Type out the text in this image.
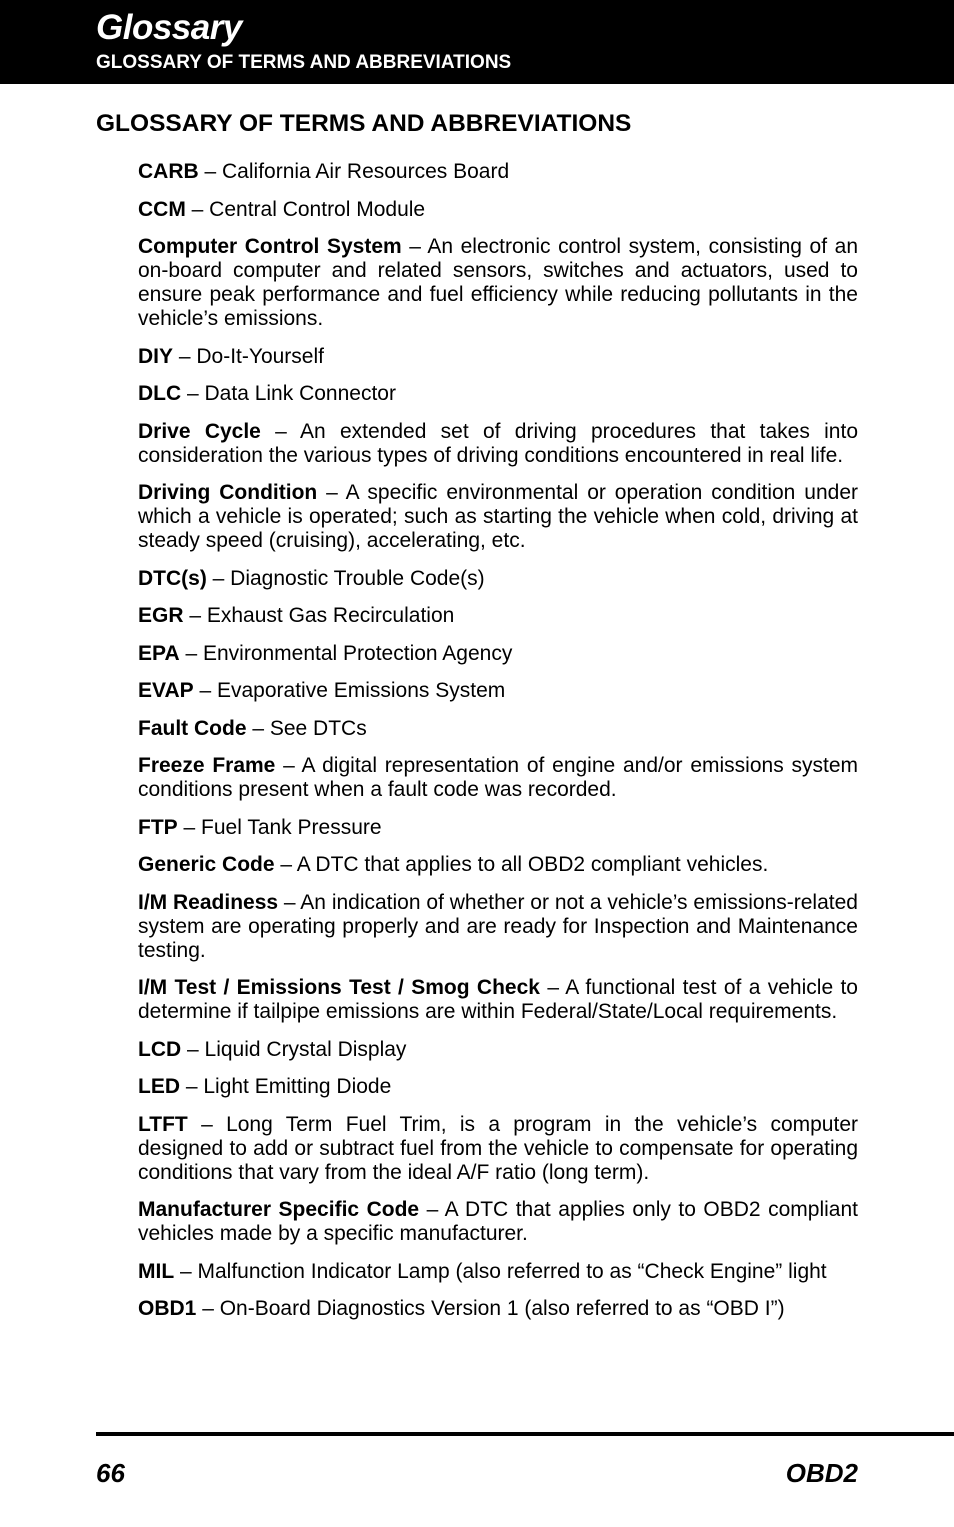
Glossary
GLOSSARY OF TERMS AND ABBREVIATIONS
GLOSSARY OF TERMS AND ABBREVIATIONS

CARB – California Air Resources Board

CCM – Central Control Module

Computer Control System – An electronic control system, consisting of an on-board computer and related sensors, switches and actuators, used to ensure peak performance and fuel efficiency while reducing pollutants in the vehicle’s emissions.

DIY – Do-It-Yourself

DLC – Data Link Connector

Drive Cycle – An extended set of driving procedures that takes into consideration the various types of driving conditions encountered in real life.

Driving Condition – A specific environmental or operation condition under which a vehicle is operated; such as starting the vehicle when cold, driving at steady speed (cruising), accelerating, etc.

DTC(s) – Diagnostic Trouble Code(s)

EGR – Exhaust Gas Recirculation

EPA – Environmental Protection Agency

EVAP – Evaporative Emissions System

Fault Code – See DTCs

Freeze Frame – A digital representation of engine and/or emissions system conditions present when a fault code was recorded.

FTP – Fuel Tank Pressure

Generic Code – A DTC that applies to all OBD2 compliant vehicles.

I/M Readiness – An indication of whether or not a vehicle’s emissions-related system are operating properly and are ready for Inspection and Maintenance testing.

I/M Test / Emissions Test / Smog Check – A functional test of a vehicle to determine if tailpipe emissions are within Federal/State/Local requirements.

LCD – Liquid Crystal Display

LED – Light Emitting Diode

LTFT – Long Term Fuel Trim, is a program in the vehicle’s computer designed to add or subtract fuel from the vehicle to compensate for operating conditions that vary from the ideal A/F ratio (long term).

Manufacturer Specific Code – A DTC that applies only to OBD2 compliant vehicles made by a specific manufacturer.

MIL – Malfunction Indicator Lamp (also referred to as “Check Engine” light

OBD1 – On-Board Diagnostics Version 1 (also referred to as “OBD I”)

66	OBD2
